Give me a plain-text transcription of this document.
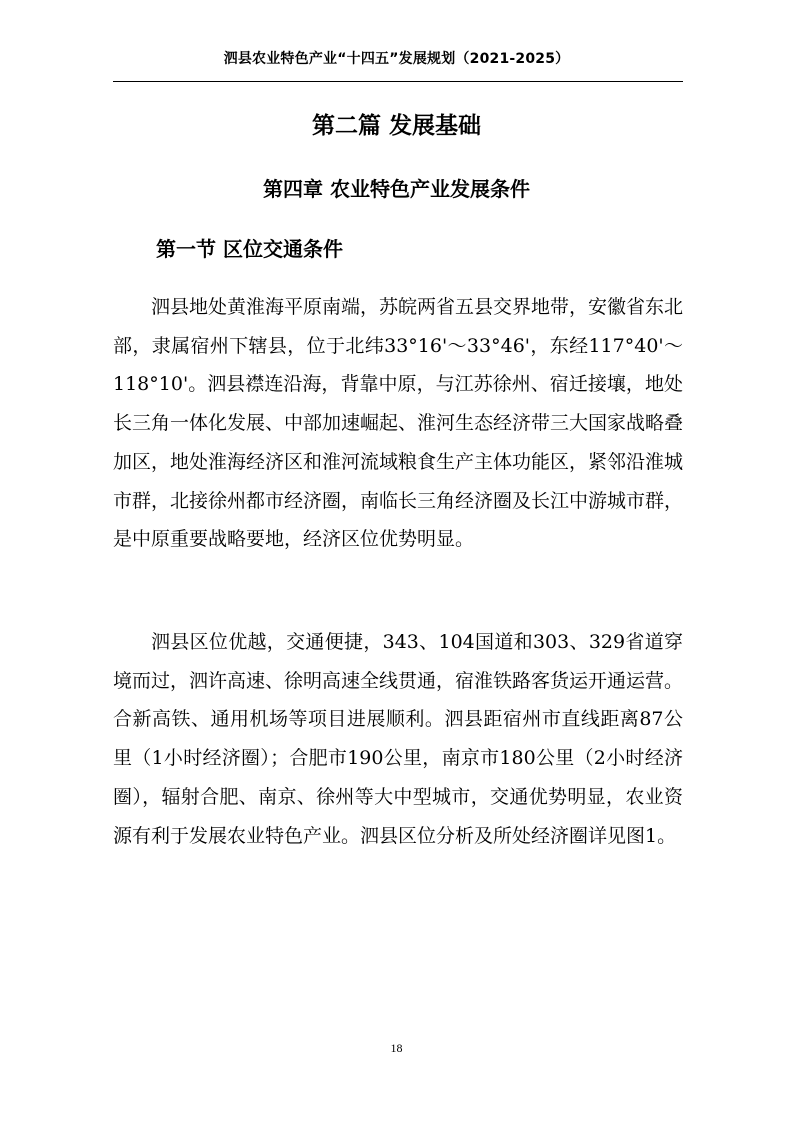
泗县农业特色产业“十四五”发展规划（2021-2025）
第二篇 发展基础
第四章 农业特色产业发展条件
第一节 区位交通条件

泗县地处黄淮海平原南端，苏皖两省五县交界地带，安徽省东北部，隶属宿州下辖县，位于北纬33°16'～33°46'，东经117°40'～118°10'。泗县襟连沿海，背靠中原，与江苏徐州、宿迁接壤，地处长三角一体化发展、中部加速崛起、淮河生态经济带三大国家战略叠加区，地处淮海经济区和淮河流域粮食生产主体功能区，紧邻沿淮城市群，北接徐州都市经济圈，南临长三角经济圈及长江中游城市群，是中原重要战略要地，经济区位优势明显。

泗县区位优越，交通便捷，343、104国道和303、329省道穿境而过，泗许高速、徐明高速全线贯通，宿淮铁路客货运开通运营。合新高铁、通用机场等项目进展顺利。泗县距宿州市直线距离87公里（1小时经济圈）；合肥市190公里，南京市180公里（2小时经济圈），辐射合肥、南京、徐州等大中型城市，交通优势明显，农业资源有利于发展农业特色产业。泗县区位分析及所处经济圈详见图1。

18
